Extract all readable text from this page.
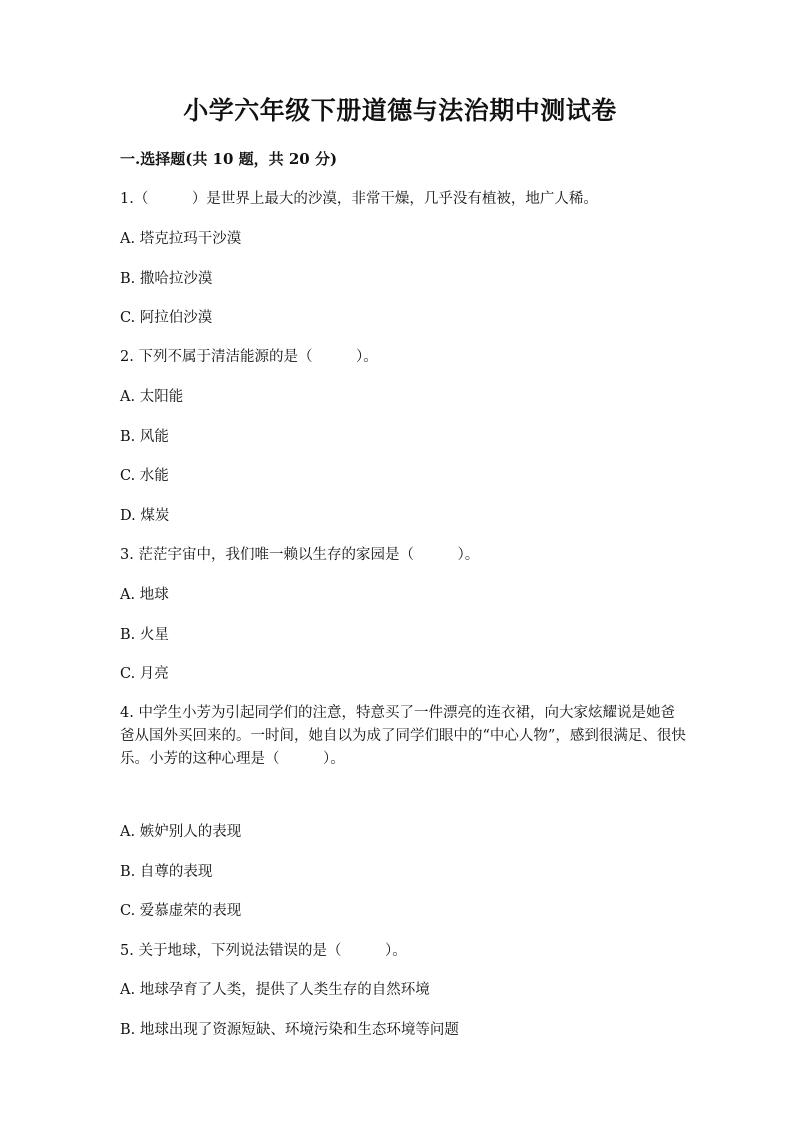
小学六年级下册道德与法治期中测试卷
一.选择题(共 10 题，共 20 分)
1.（　　　）是世界上最大的沙漠，非常干燥，几乎没有植被，地广人稀。
A. 塔克拉玛干沙漠
B. 撒哈拉沙漠
C. 阿拉伯沙漠
2. 下列不属于清洁能源的是（　　　）。
A. 太阳能
B. 风能
C. 水能
D. 煤炭
3. 茫茫宇宙中，我们唯一赖以生存的家园是（　　　）。
A. 地球
B. 火星
C. 月亮
4. 中学生小芳为引起同学们的注意，特意买了一件漂亮的连衣裙，向大家炫耀说是她爸爸从国外买回来的。一时间，她自以为成了同学们眼中的“中心人物”，感到很满足、很快乐。小芳的这种心理是（　　　）。
A. 嫉妒别人的表现
B. 自尊的表现
C. 爱慕虚荣的表现
5. 关于地球，下列说法错误的是（　　　）。
A. 地球孕育了人类，提供了人类生存的自然环境
B. 地球出现了资源短缺、环境污染和生态环境等问题
